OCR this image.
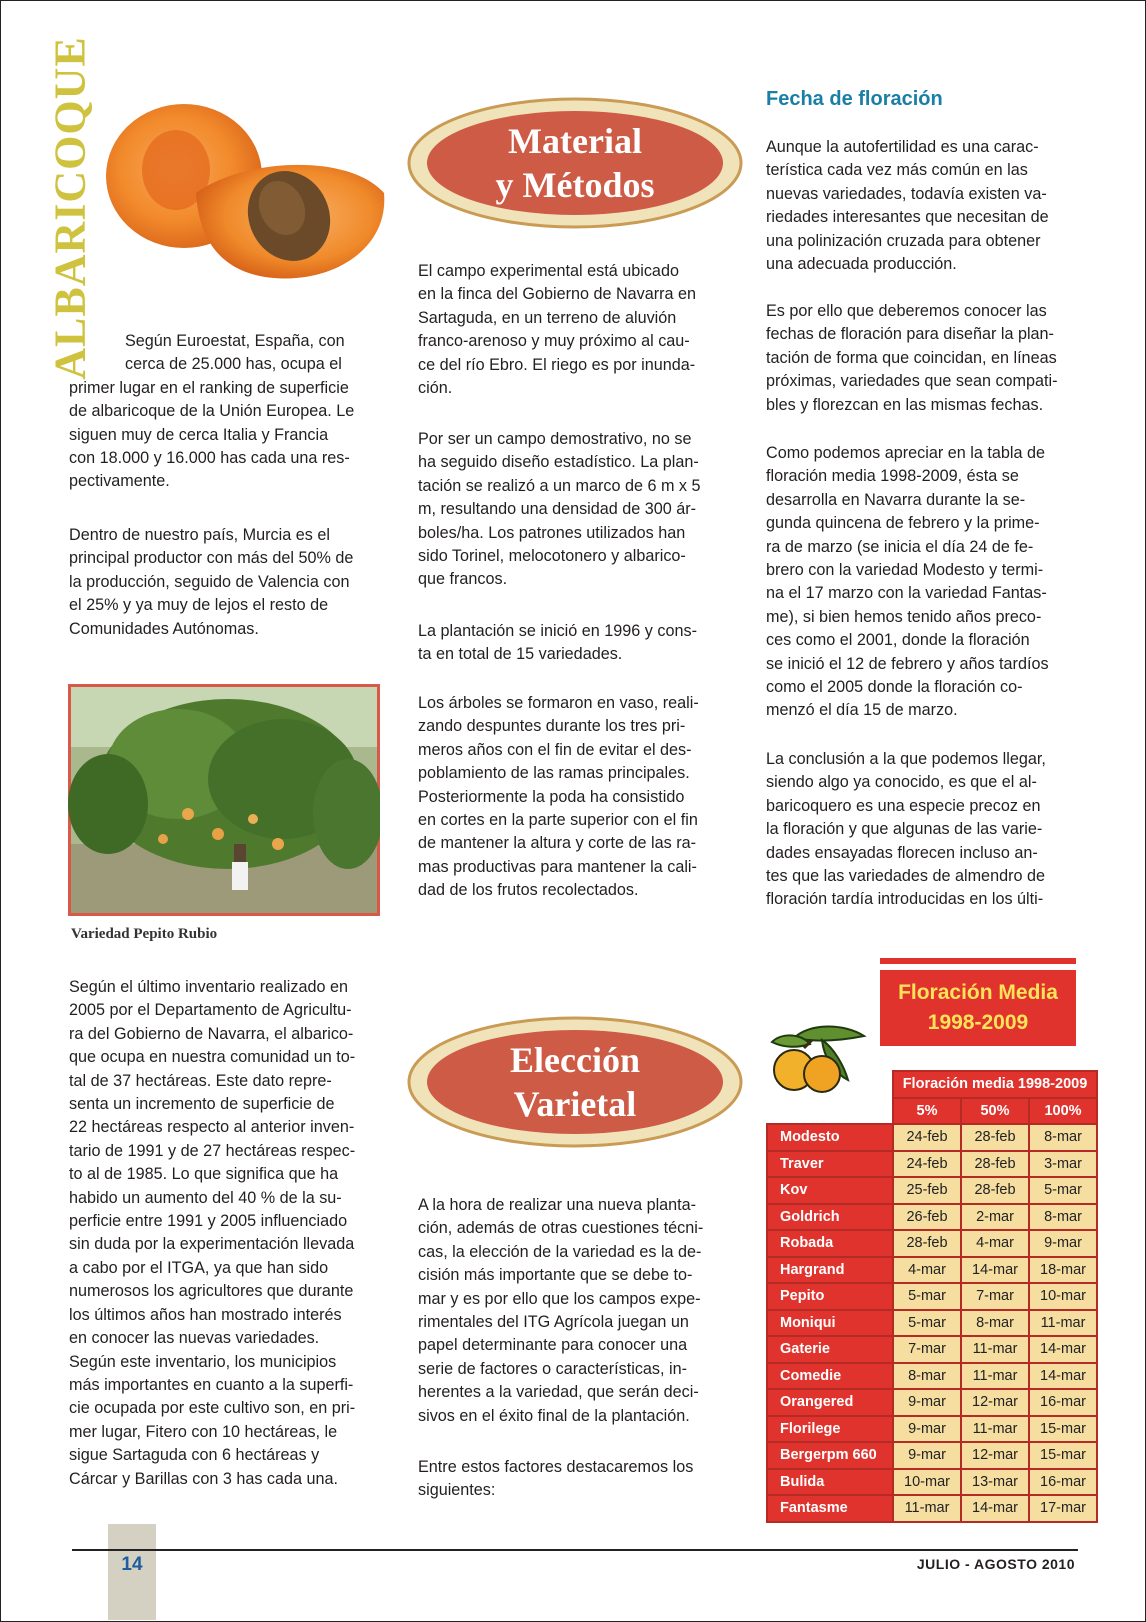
ALBARICOQUE
Variedad Pepito Rubio
Según Euroestat, España, con
cerca de 25.000 has, ocupa el
primer lugar en el ranking de superficie
de albaricoque de la Unión Europea. Le
siguen muy de cerca Italia y Francia
con 18.000 y 16.000 has cada una res-
pectivamente.
Dentro de nuestro país, Murcia es el
principal productor con más del 50% de
la producción, seguido de Valencia con
el 25% y ya muy de lejos el resto de
Comunidades Autónomas.
Según el último inventario realizado en
2005 por el Departamento de Agricultu-
ra del Gobierno de Navarra, el albarico-
que ocupa en nuestra comunidad un to-
tal de 37 hectáreas. Este dato repre-
senta un incremento de superficie de
22 hectáreas respecto al anterior inven-
tario de 1991 y de 27 hectáreas respec-
to al de 1985. Lo que significa que ha
habido un aumento del 40 % de la su-
perficie entre 1991 y 2005 influenciado
sin duda por la experimentación llevada
a cabo por el ITGA, ya que han sido
numerosos los agricultores que durante
los últimos años han mostrado interés
en conocer las nuevas variedades.
Según este inventario, los municipios
más importantes en cuanto a la superfi-
cie ocupada por este cultivo son, en pri-
mer lugar, Fitero con 10 hectáreas, le
sigue Sartaguda con 6 hectáreas y
Cárcar y Barillas con 3 has cada una.
Material
y Métodos
El campo experimental está ubicado
en la finca del Gobierno de Navarra en
Sartaguda, en un terreno de aluvión
franco-arenoso y muy próximo al cau-
ce del río Ebro. El riego es por inunda-
ción.
Por ser un campo demostrativo, no se
ha seguido diseño estadístico. La plan-
tación se realizó a un marco de 6 m x 5
m, resultando una densidad de 300 ár-
boles/ha. Los patrones utilizados han
sido Torinel, melocotonero y albarico-
que francos.
La plantación se inició en 1996 y cons-
ta en total de 15 variedades.
Los árboles se formaron en vaso, reali-
zando despuntes durante los tres pri-
meros años con el fin de evitar el des-
poblamiento de las ramas principales.
Posteriormente la poda ha consistido
en cortes en la parte superior con el fin
de mantener la altura y corte de las ra-
mas productivas para mantener la cali-
dad de los frutos recolectados.
Elección
Varietal
A la hora de realizar una nueva planta-
ción, además de otras cuestiones técni-
cas, la elección de la variedad es la de-
cisión más importante que se debe to-
mar y es por ello que los campos expe-
rimentales del ITG Agrícola juegan un
papel determinante para conocer una
serie de factores o características, in-
herentes a la variedad, que serán deci-
sivos en el éxito final de la plantación.
Entre estos factores destacaremos los
siguientes:
Fecha de floración
Aunque la autofertilidad es una carac-
terística cada vez más común en las
nuevas variedades, todavía existen va-
riedades interesantes que necesitan de
una polinización cruzada para obtener
una adecuada producción.
Es por ello que deberemos conocer las
fechas de floración para diseñar la plan-
tación de forma que coincidan, en líneas
próximas, variedades que sean compati-
bles y florezcan en las mismas fechas.
Como podemos apreciar en la tabla de
floración media 1998-2009, ésta se
desarrolla en Navarra durante la se-
gunda quincena de febrero y la prime-
ra de marzo (se inicia el día 24 de fe-
brero con la variedad Modesto y termi-
na el 17 marzo con la variedad Fantas-
me), si bien hemos tenido años preco-
ces como el 2001, donde la floración
se inició el 12 de febrero y años tardíos
como el 2005 donde la floración co-
menzó el día 15 de marzo.
La conclusión a la que podemos llegar,
siendo algo ya conocido, es que el al-
baricoquero es una especie precoz en
la floración y que algunas de las varie-
dades ensayadas florecen incluso an-
tes que las variedades de almendro de
floración tardía introducidas en los últi-
Floración Media
1998-2009
	Floración media 1998-2009		
	5%	50%	100%
Modesto	24-feb	28-feb	8-mar
Traver	24-feb	28-feb	3-mar
Kov	25-feb	28-feb	5-mar
Goldrich	26-feb	2-mar	8-mar
Robada	28-feb	4-mar	9-mar
Hargrand	4-mar	14-mar	18-mar
Pepito	5-mar	7-mar	10-mar
Moniqui	5-mar	8-mar	11-mar
Gaterie	7-mar	11-mar	14-mar
Comedie	8-mar	11-mar	14-mar
Orangered	9-mar	12-mar	16-mar
Florilege	9-mar	11-mar	15-mar
Bergerpm 660	9-mar	12-mar	15-mar
Bulida	10-mar	13-mar	16-mar
Fantasme	11-mar	14-mar	17-mar
14	JULIO - AGOSTO 2010
